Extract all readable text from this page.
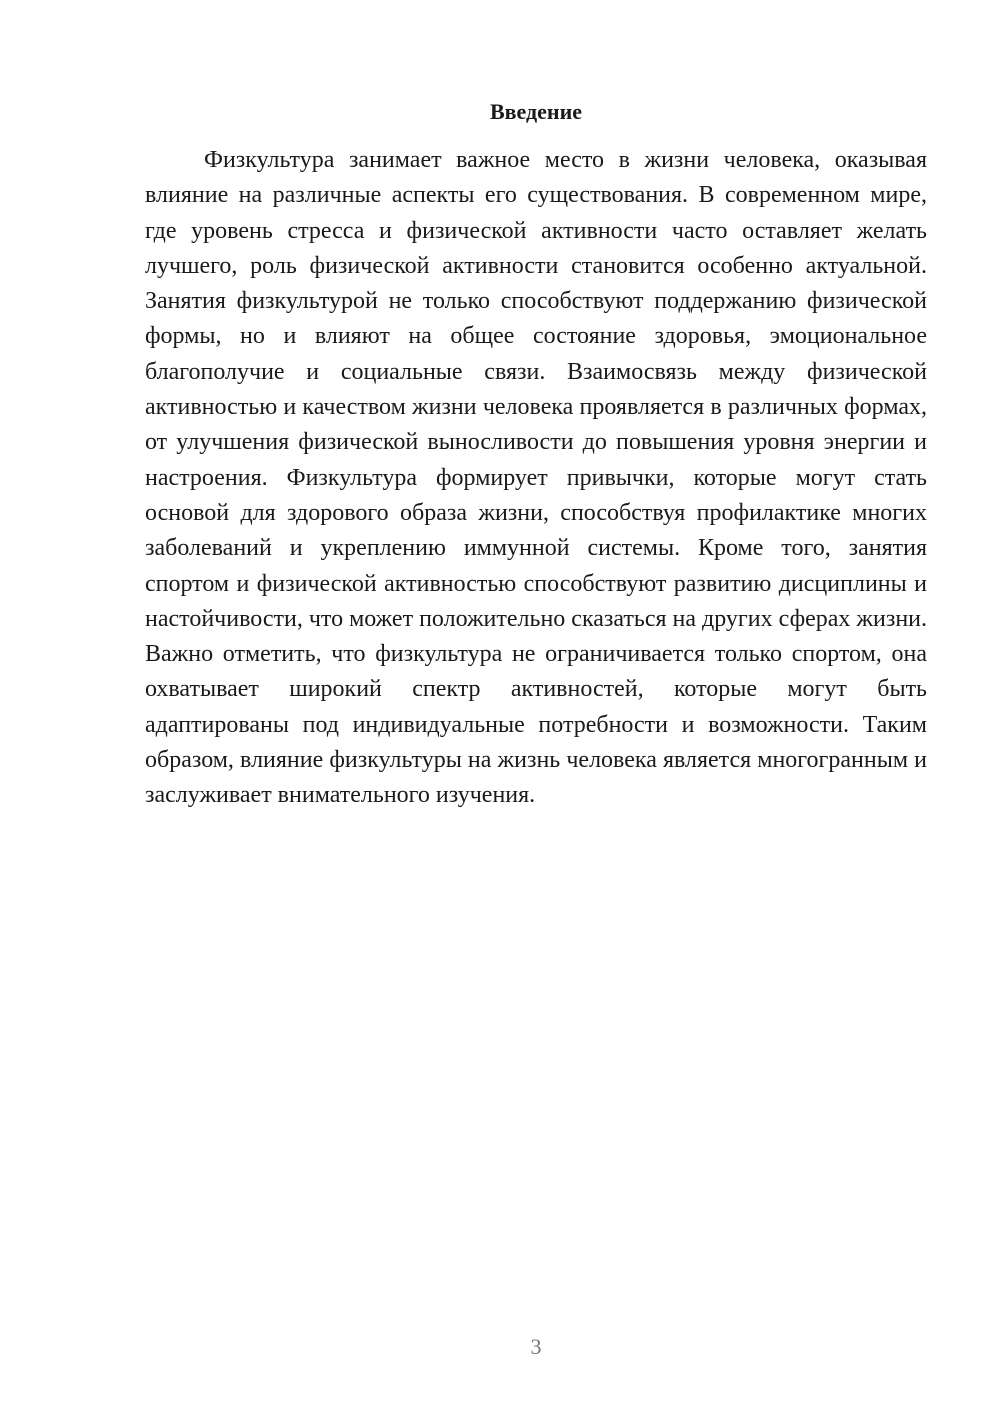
Введение

Физкультура занимает важное место в жизни человека, оказывая влияние на различные аспекты его существования. В современном мире, где уровень стресса и физической активности часто оставляет желать лучшего, роль физической активности становится особенно актуальной. Занятия физкультурой не только способствуют поддержанию физической формы, но и влияют на общее состояние здоровья, эмоциональное благополучие и социальные связи. Взаимосвязь между физической активностью и качеством жизни человека проявляется в различных формах, от улучшения физической выносливости до повышения уровня энергии и настроения. Физкультура формирует привычки, которые могут стать основой для здорового образа жизни, способствуя профилактике многих заболеваний и укреплению иммунной системы. Кроме того, занятия спортом и физической активностью способствуют развитию дисциплины и настойчивости, что может положительно сказаться на других сферах жизни. Важно отметить, что физкультура не ограничивается только спортом, она охватывает широкий спектр активностей, которые могут быть адаптированы под индивидуальные потребности и возможности. Таким образом, влияние физкультуры на жизнь человека является многогранным и заслуживает внимательного изучения.

3
